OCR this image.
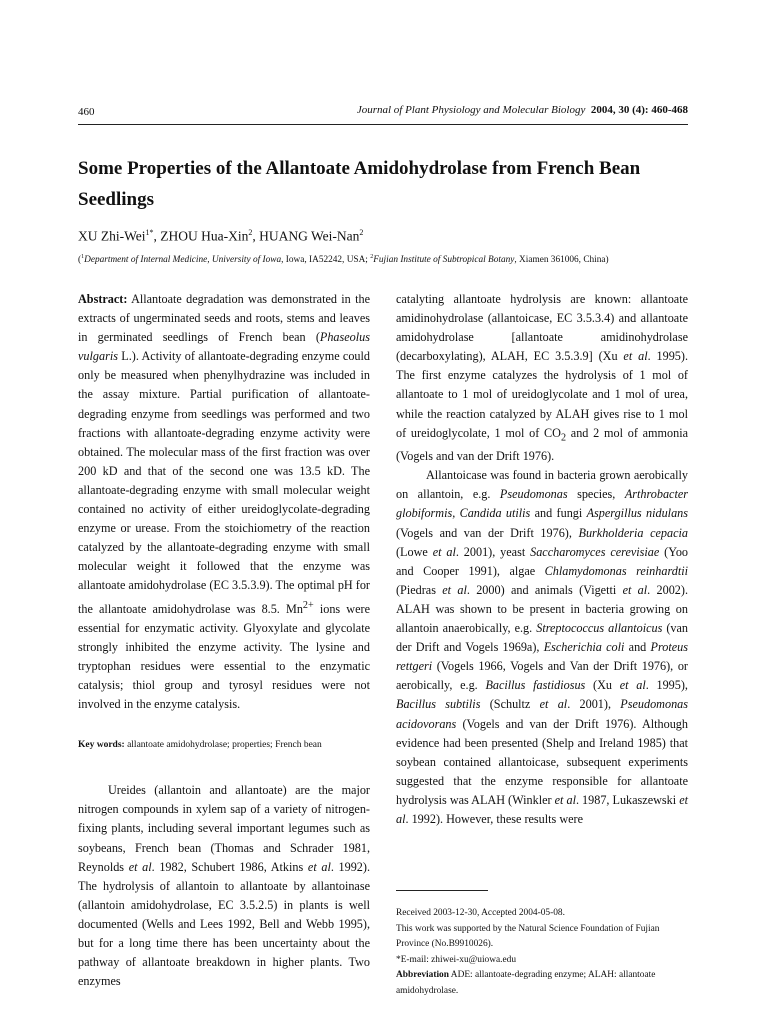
460	Journal of Plant Physiology and Molecular Biology 2004, 30 (4): 460-468
Some Properties of the Allantoate Amidohydrolase from French Bean Seedlings
XU Zhi-Wei$^{1*}$, ZHOU Hua-Xin$^2$, HUANG Wei-Nan$^2$
($^1$Department of Internal Medicine, University of Iowa, Iowa, IA52242, USA; $^2$Fujian Institute of Subtropical Botany, Xiamen 361006, China)

Abstract: Allantoate degradation was demonstrated in the extracts of ungerminated seeds and roots, stems and leaves in germinated seedlings of French bean (Phaseolus vulgaris L.). Activity of allantoate-degrading enzyme could only be measured when phenylhydrazine was included in the assay mixture. Partial purification of allantoate-degrading enzyme from seedlings was performed and two fractions with allantoate-degrading enzyme activity were obtained. The molecular mass of the first fraction was over 200 kD and that of the second one was 13.5 kD. The allantoate-degrading enzyme with small molecular weight contained no activity of either ureidoglycolate-degrading enzyme or urease. From the stoichiometry of the reaction catalyzed by the allantoate-degrading enzyme with small molecular weight it followed that the enzyme was allantoate amidohydrolase (EC 3.5.3.9). The optimal pH for the allantoate amidohydrolase was 8.5. $Mn^{2+}$ ions were essential for enzymatic activity. Glyoxylate and glycolate strongly inhibited the enzyme activity. The lysine and tryptophan residues were essential to the enzymatic catalysis; thiol group and tyrosyl residues were not involved in the enzyme catalysis.

Key words: allantoate amidohydrolase; properties; French bean

Ureides (allantoin and allantoate) are the major nitrogen compounds in xylem sap of a variety of nitrogen-fixing plants, including several important legumes such as soybeans, French bean (Thomas and Schrader 1981, Reynolds et al. 1982, Schubert 1986, Atkins et al. 1992). The hydrolysis of allantoin to allantoate by allantoinase (allantoin amidohydrolase, EC 3.5.2.5) in plants is well documented (Wells and Lees 1992, Bell and Webb 1995), but for a long time there has been uncertainty about the pathway of allantoate breakdown in higher plants. Two enzymes

catalyting allantoate hydrolysis are known: allantoate amidinohydrolase (allantoicase, EC 3.5.3.4) and allantoate amidohydrolase [allantoate amidinohydrolase (decarboxylating), ALAH, EC 3.5.3.9] (Xu et al. 1995). The first enzyme catalyzes the hydrolysis of 1 mol of allantoate to 1 mol of ureidoglycolate and 1 mol of urea, while the reaction catalyzed by ALAH gives rise to 1 mol of ureidoglycolate, 1 mol of $CO_2$ and 2 mol of ammonia (Vogels and van der Drift 1976).

Allantoicase was found in bacteria grown aerobically on allantoin, e.g. Pseudomonas species, Arthrobacter globiformis, Candida utilis and fungi Aspergillus nidulans (Vogels and van der Drift 1976), Burkholderia cepacia (Lowe et al. 2001), yeast Saccharomyces cerevisiae (Yoo and Cooper 1991), algae Chlamydomonas reinhardtii (Piedras et al. 2000) and animals (Vigetti et al. 2002). ALAH was shown to be present in bacteria growing on allantoin anaerobically, e.g. Streptococcus allantoicus (van der Drift and Vogels 1969a), Escherichia coli and Proteus rettgeri (Vogels 1966, Vogels and Van der Drift 1976), or aerobically, e.g. Bacillus fastidiosus (Xu et al. 1995), Bacillus subtilis (Schultz et al. 2001), Pseudomonas acidovorans (Vogels and van der Drift 1976). Although evidence had been presented (Shelp and Ireland 1985) that soybean contained allantoicase, subsequent experiments suggested that the enzyme responsible for allantoate hydrolysis was ALAH (Winkler et al. 1987, Lukaszewski et al. 1992). However, these results were

Received 2003-12-30, Accepted 2004-05-08.
This work was supported by the Natural Science Foundation of Fujian Province (No.B9910026).
*E-mail: zhiwei-xu@uiowa.edu
Abbreviation ADE: allantoate-degrading enzyme; ALAH: allantoate amidohydrolase.
